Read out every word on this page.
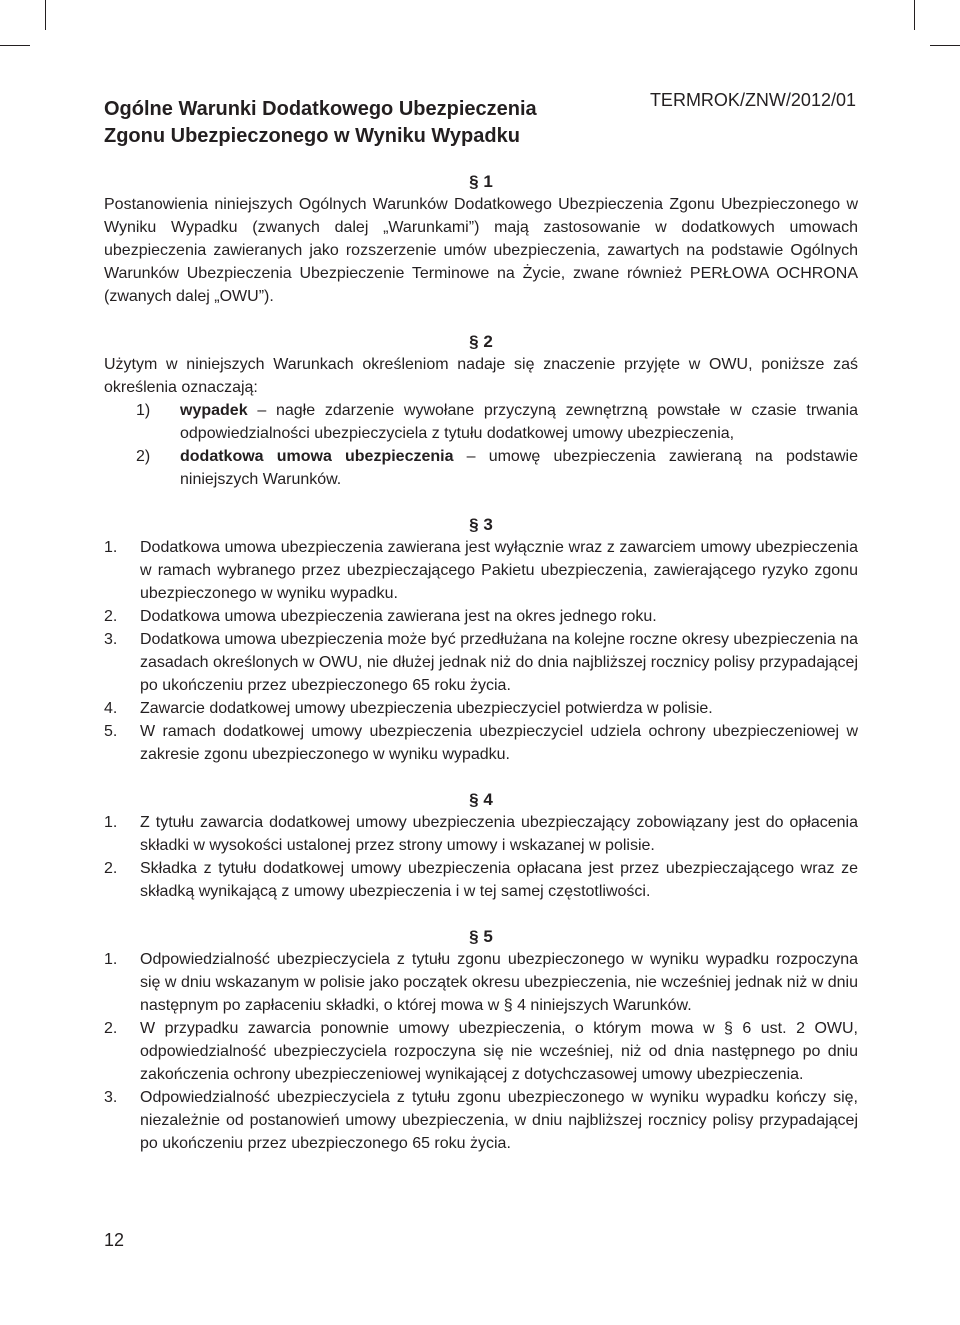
Ogólne Warunki Dodatkowego Ubezpieczenia
Zgonu Ubezpieczonego w Wyniku Wypadku
TERMROK/ZNW/2012/01

§ 1

Postanowienia niniejszych Ogólnych Warunków Dodatkowego Ubezpieczenia Zgonu Ubezpieczonego w Wyniku Wypadku (zwanych dalej „Warunkami”) mają zastosowanie w dodatkowych umowach ubezpieczenia zawieranych jako rozszerzenie umów ubezpieczenia, zawartych na podstawie Ogólnych Warunków Ubezpieczenia Ubezpieczenie Terminowe na Życie, zwane również PERŁOWA OCHRONA (zwanych dalej „OWU”).

§ 2

Użytym w niniejszych Warunkach określeniom nadaje się znaczenie przyjęte w OWU, poniższe zaś określenia oznaczają:

1) wypadek – nagłe zdarzenie wywołane przyczyną zewnętrzną powstałe w czasie trwania odpowiedzialności ubezpieczyciela z tytułu dodatkowej umowy ubezpieczenia,
2) dodatkowa umowa ubezpieczenia – umowę ubezpieczenia zawieraną na podstawie niniejszych Warunków.

§ 3

1. Dodatkowa umowa ubezpieczenia zawierana jest wyłącznie wraz z zawarciem umowy ubezpieczenia w ramach wybranego przez ubezpieczającego Pakietu ubezpieczenia, zawierającego ryzyko zgonu ubezpieczonego w wyniku wypadku.
2. Dodatkowa umowa ubezpieczenia zawierana jest na okres jednego roku.
3. Dodatkowa umowa ubezpieczenia może być przedłużana na kolejne roczne okresy ubezpieczenia na zasadach określonych w OWU, nie dłużej jednak niż do dnia najbliższej rocznicy polisy przypadającej po ukończeniu przez ubezpieczonego 65 roku życia.
4. Zawarcie dodatkowej umowy ubezpieczenia ubezpieczyciel potwierdza w polisie.
5. W ramach dodatkowej umowy ubezpieczenia ubezpieczyciel udziela ochrony ubezpieczeniowej w zakresie zgonu ubezpieczonego w wyniku wypadku.

§ 4

1. Z tytułu zawarcia dodatkowej umowy ubezpieczenia ubezpieczający zobowiązany jest do opłacenia składki w wysokości ustalonej przez strony umowy i wskazanej w polisie.
2. Składka z tytułu dodatkowej umowy ubezpieczenia opłacana jest przez ubezpieczającego wraz ze składką wynikającą z umowy ubezpieczenia i w tej samej częstotliwości.

§ 5

1. Odpowiedzialność ubezpieczyciela z tytułu zgonu ubezpieczonego w wyniku wypadku rozpoczyna się w dniu wskazanym w polisie jako początek okresu ubezpieczenia, nie wcześniej jednak niż w dniu następnym po zapłaceniu składki, o której mowa w § 4 niniejszych Warunków.
2. W przypadku zawarcia ponownie umowy ubezpieczenia, o którym mowa w § 6 ust. 2 OWU, odpowiedzialność ubezpieczyciela rozpoczyna się nie wcześniej, niż od dnia następnego po dniu zakończenia ochrony ubezpieczeniowej wynikającej z dotychczasowej umowy ubezpieczenia.
3. Odpowiedzialność ubezpieczyciela z tytułu zgonu ubezpieczonego w wyniku wypadku kończy się, niezależnie od postanowień umowy ubezpieczenia, w dniu najbliższej rocznicy polisy przypadającej po ukończeniu przez ubezpieczonego 65 roku życia.
12
